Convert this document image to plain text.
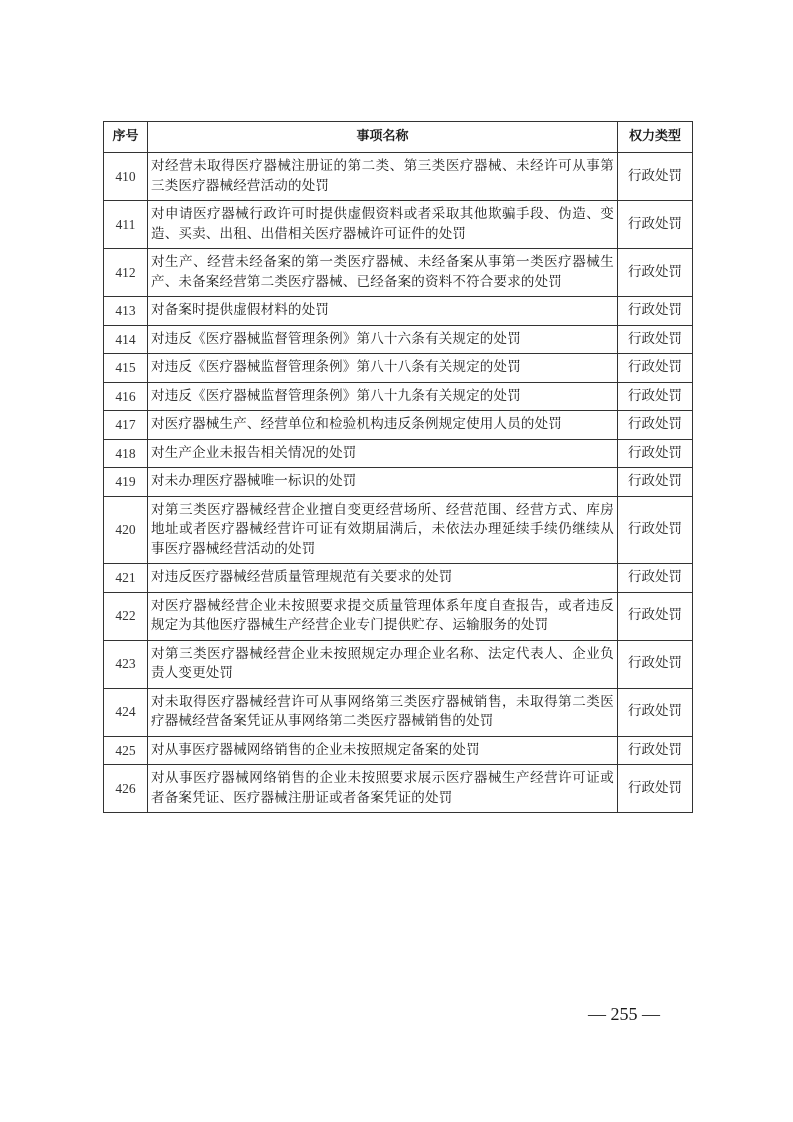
序号	事项名称	权力类型
410	对经营未取得医疗器械注册证的第二类、第三类医疗器械、未经许可从事第三类医疗器械经营活动的处罚	行政处罚
411	对申请医疗器械行政许可时提供虚假资料或者采取其他欺骗手段、伪造、变造、买卖、出租、出借相关医疗器械许可证件的处罚	行政处罚
412	对生产、经营未经备案的第一类医疗器械、未经备案从事第一类医疗器械生产、未备案经营第二类医疗器械、已经备案的资料不符合要求的处罚	行政处罚
413	对备案时提供虚假材料的处罚	行政处罚
414	对违反《医疗器械监督管理条例》第八十六条有关规定的处罚	行政处罚
415	对违反《医疗器械监督管理条例》第八十八条有关规定的处罚	行政处罚
416	对违反《医疗器械监督管理条例》第八十九条有关规定的处罚	行政处罚
417	对医疗器械生产、经营单位和检验机构违反条例规定使用人员的处罚	行政处罚
418	对生产企业未报告相关情况的处罚	行政处罚
419	对未办理医疗器械唯一标识的处罚	行政处罚
420	对第三类医疗器械经营企业擅自变更经营场所、经营范围、经营方式、库房地址或者医疗器械经营许可证有效期届满后，未依法办理延续手续仍继续从事医疗器械经营活动的处罚	行政处罚
421	对违反医疗器械经营质量管理规范有关要求的处罚	行政处罚
422	对医疗器械经营企业未按照要求提交质量管理体系年度自查报告，或者违反规定为其他医疗器械生产经营企业专门提供贮存、运输服务的处罚	行政处罚
423	对第三类医疗器械经营企业未按照规定办理企业名称、法定代表人、企业负责人变更处罚	行政处罚
424	对未取得医疗器械经营许可从事网络第三类医疗器械销售，未取得第二类医疗器械经营备案凭证从事网络第二类医疗器械销售的处罚	行政处罚
425	对从事医疗器械网络销售的企业未按照规定备案的处罚	行政处罚
426	对从事医疗器械网络销售的企业未按照要求展示医疗器械生产经营许可证或者备案凭证、医疗器械注册证或者备案凭证的处罚	行政处罚
— 255 —
